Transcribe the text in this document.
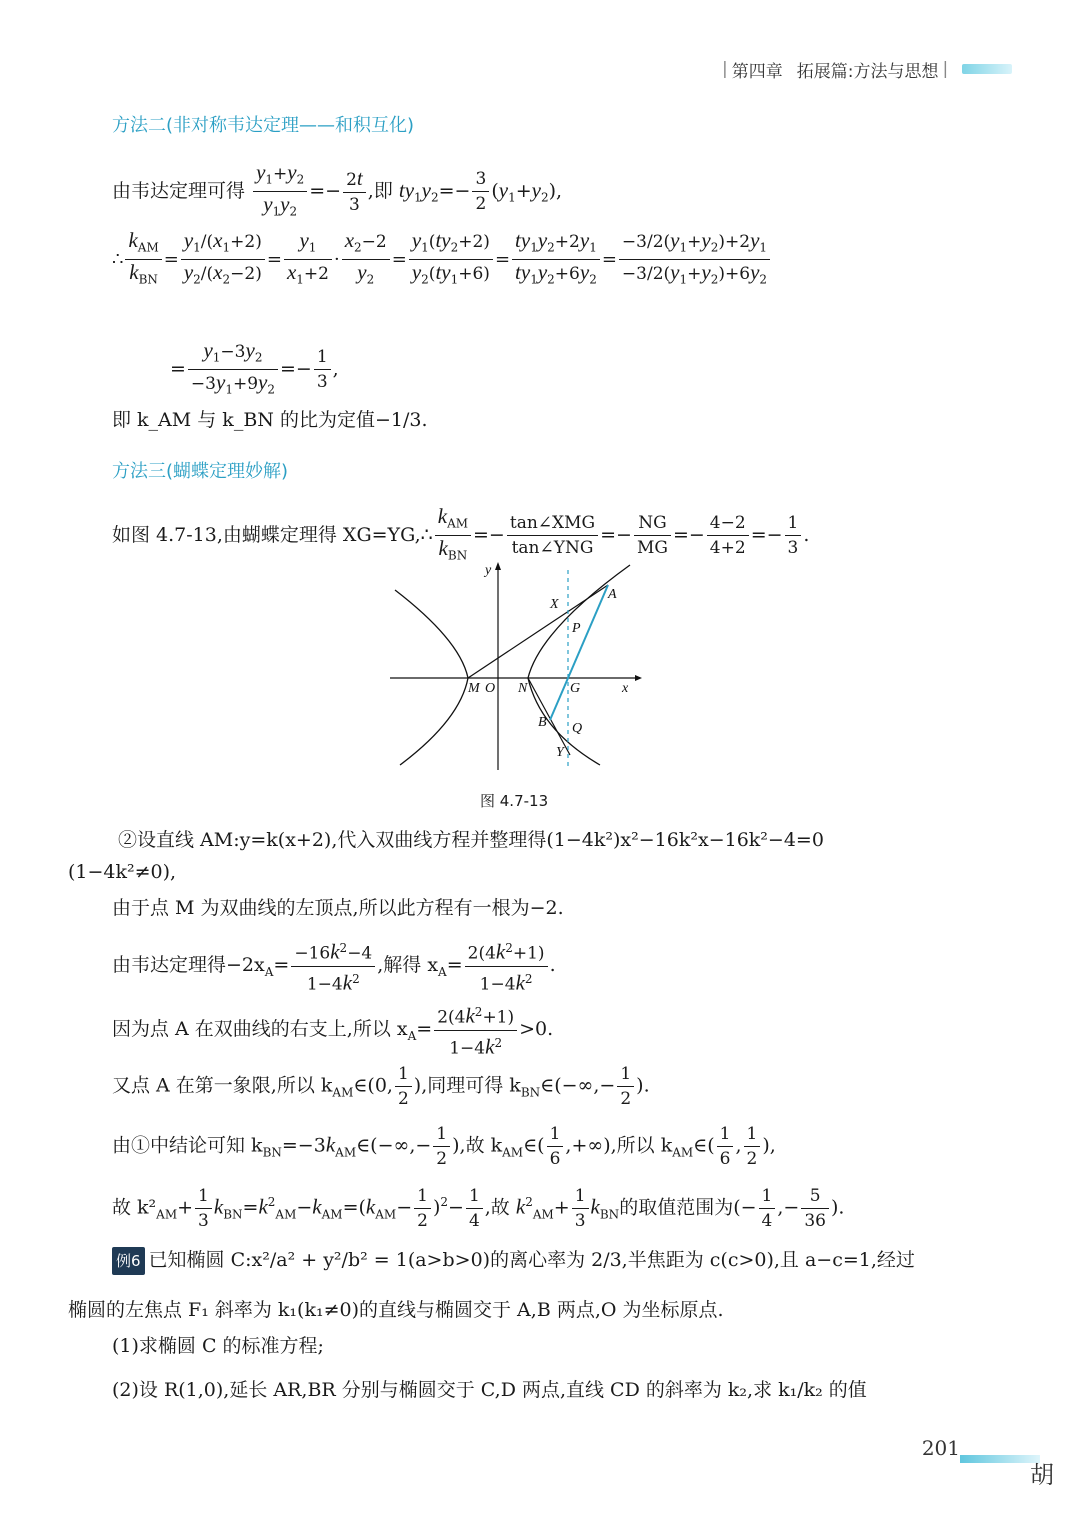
| 第四章 拓展篇:方法与思想 |
方法二(非对称韦达定理——和积互化)
由韦达定理可得 $\frac{y_1+y_2}{y_1y_2} =- \frac{2t}{3}$ ,即 $ty_1y_2=- \frac{3}{2} (y_1+y_2)$,
∴ $\frac{k_{AM}}{k_{BN}} = \frac{y_1/(x_1+2)}{y_2/(x_2-2)} = \frac{y_1}{x_1+2} \cdot \frac{x_2-2}{y_2} = \frac{y_1(ty_2+2)}{y_2(ty_1+6)} = \frac{ty_1y_2+2y_1}{ty_1y_2+6y_2} = \frac{-3/2(y_1+y_2)+2y_1}{-3/2(y_1+y_2)+6y_2}$
= $\frac{y_1-3y_2}{-3y_1+9y_2} =- \frac{1}{3}$ ,
即 k_AM 与 k_BN 的比为定值−1/3.
方法三(蝴蝶定理妙解)
如图 4.7-13,由蝴蝶定理得 XG=YG,∴ $\frac{k_{AM}}{k_{BN}} =- \frac{\text{tan∠XMG}}{\text{tan∠YNG}} =- \frac{NG}{MG} =- \frac{4-2}{4+2} =- \frac{1}{3}$ .
y
x
X
A
P
M O N	G
B Q
Y
图 4.7-13
②设直线 AM:y=k(x+2),代入双曲线方程并整理得(1−4k²)x²−16k²x−16k²−4=0
(1−4k²≠0),
由于点 M 为双曲线的左顶点,所以此方程有一根为−2.
由韦达定理得$-2x_A= \frac{-16k^2-4}{1-4k^2}$ ,解得 $x_A= \frac{2(4k^2+1)}{1-4k^2}$ .
因为点 A 在双曲线的右支上,所以 $x_A= \frac{2(4k^2+1)}{1-4k^2} >0$.
又点 A 在第一象限,所以 $k_{AM}\in(0$, $\frac{1}{2}$ ),同理可得 $k_{BN}\in(-\infty,- \frac{1}{2}$ ).
由①中结论可知 $k_{BN}=-3k_{AM}\in(-\infty,- \frac{1}{2}$ ),故 $k_{AM}\in( \frac{1}{6}$ ,+∞),所以 $k_{AM}\in( \frac{1}{6}$ , $\frac{1}{2}$ ),
故 $k^2_{AM}+ \frac{1}{3} k_{BN}=k^2_{AM}-k_{AM}=(k_{AM}- \frac{1}{2} )^2- \frac{1}{4}$ ,故 $k^2_{AM}+ \frac{1}{3} k_{BN}$的取值范围为(− $\frac{1}{4}$ ,− $\frac{5}{36}$ ).
例6 已知椭圆 C:x²/a² + y²/b² = 1(a>b>0)的离心率为 2/3,半焦距为 c(c>0),且 a−c=1,经过
椭圆的左焦点 F₁ 斜率为 k₁(k₁≠0)的直线与椭圆交于 A,B 两点,O 为坐标原点.
(1)求椭圆 C 的标准方程;
(2)设 R(1,0),延长 AR,BR 分别与椭圆交于 C,D 两点,直线 CD 的斜率为 k₂,求 k₁/k₂ 的值
201
胡
